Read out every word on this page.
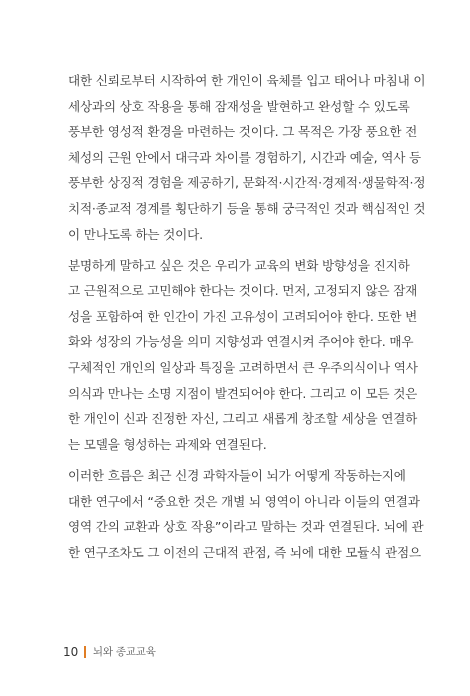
대한 신뢰로부터 시작하여 한 개인이 육체를 입고 태어나 마침내 이
세상과의 상호 작용을 통해 잠재성을 발현하고 완성할 수 있도록
풍부한 영성적 환경을 마련하는 것이다. 그 목적은 가장 풍요한 전
체성의 근원 안에서 대극과 차이를 경험하기, 시간과 예술, 역사 등
풍부한 상징적 경험을 제공하기, 문화적·시간적·경제적·생물학적·정
치적·종교적 경계를 횡단하기 등을 통해 궁극적인 것과 핵심적인 것
이 만나도록 하는 것이다.
분명하게 말하고 싶은 것은 우리가 교육의 변화 방향성을 진지하
고 근원적으로 고민해야 한다는 것이다. 먼저, 고정되지 않은 잠재
성을 포함하여 한 인간이 가진 고유성이 고려되어야 한다. 또한 변
화와 성장의 가능성을 의미 지향성과 연결시켜 주어야 한다. 매우
구체적인 개인의 일상과 특징을 고려하면서 큰 우주의식이나 역사
의식과 만나는 소명 지점이 발견되어야 한다. 그리고 이 모든 것은
한 개인이 신과 진정한 자신, 그리고 새롭게 창조할 세상을 연결하
는 모델을 형성하는 과제와 연결된다.
이러한 흐름은 최근 신경 과학자들이 뇌가 어떻게 작동하는지에
대한 연구에서 “중요한 것은 개별 뇌 영역이 아니라 이들의 연결과
영역 간의 교환과 상호 작용”이라고 말하는 것과 연결된다. 뇌에 관
한 연구조차도 그 이전의 근대적 관점, 즉 뇌에 대한 모듈식 관점으
10 뇌와 종교교육
